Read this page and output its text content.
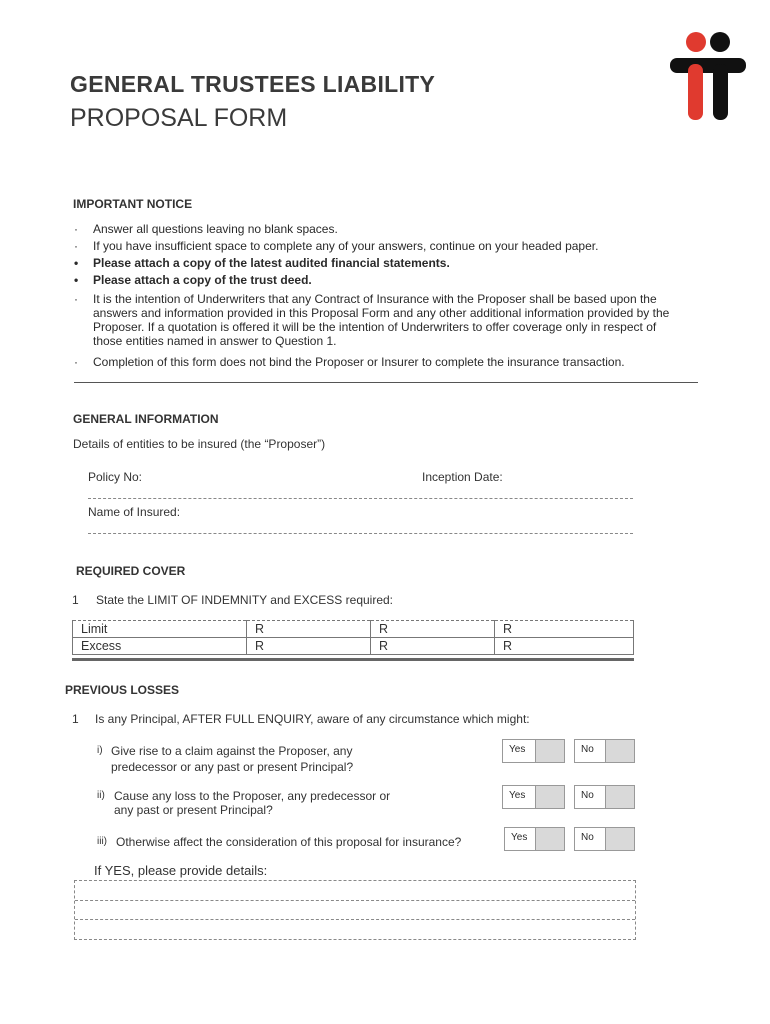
GENERAL TRUSTEES LIABILITY
PROPOSAL FORM
IMPORTANT NOTICE
·	Answer all questions leaving no blank spaces.
·	If you have insufficient space to complete any of your answers, continue on your headed paper.
•	Please attach a copy of the latest audited financial statements.
•	Please attach a copy of the trust deed.
·	It is the intention of Underwriters that any Contract of Insurance with the Proposer shall be based upon the answers and information provided in this Proposal Form and any other additional information provided by the Proposer. If a quotation is offered it will be the intention of Underwriters to offer coverage only in respect of those entities named in answer to Question 1.
·	Completion of this form does not bind the Proposer or Insurer to complete the insurance transaction.
GENERAL INFORMATION
Details of entities to be insured (the “Proposer”)
Policy No:	Inception Date:
Name of Insured:
REQUIRED COVER
1 State the LIMIT OF INDEMNITY and EXCESS required:
Limit	R	R	R
Excess	R	R	R
PREVIOUS LOSSES
1 Is any Principal, AFTER FULL ENQUIRY, aware of any circumstance which might:
i) Give rise to a claim against the Proposer, any
predecessor or any past or present Principal?
Yes	No
ii) Cause any loss to the Proposer, any predecessor or
any past or present Principal?
Yes	No
iii) Otherwise affect the consideration of this proposal for insurance?	Yes	No
If YES, please provide details:
